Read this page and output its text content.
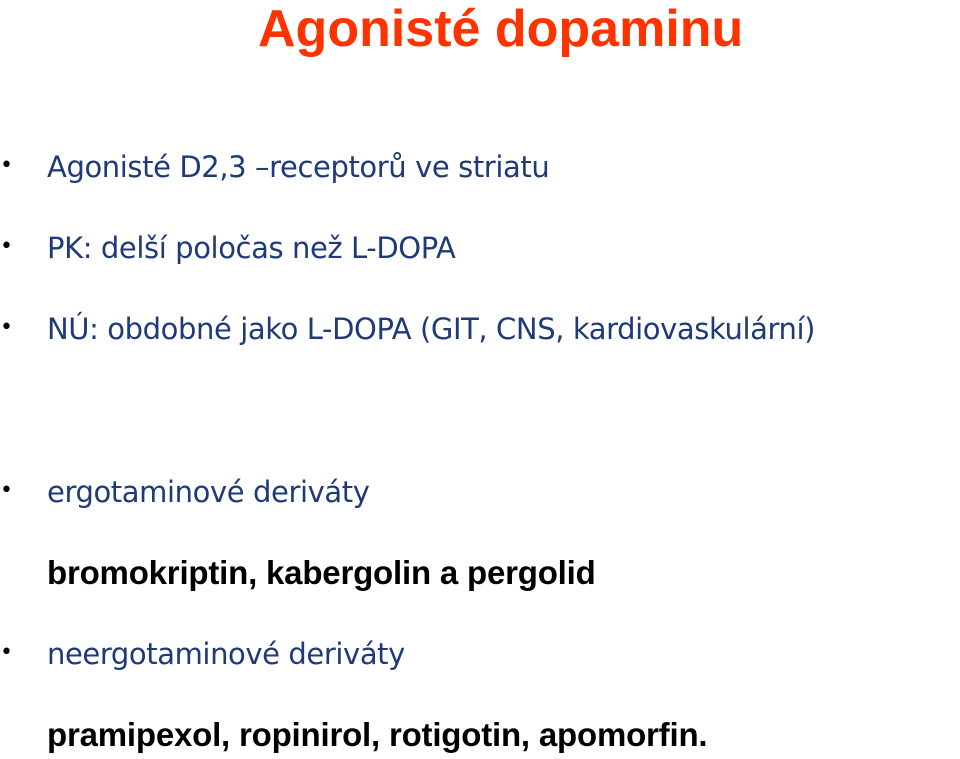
Agonisté dopaminu
• Agonisté D2,3 –receptorů ve striatu
• PK: delší poločas než L-DOPA
• NÚ: obdobné jako L-DOPA (GIT, CNS, kardiovaskulární)
• ergotaminové deriváty
bromokriptin, kabergolin a pergolid
• neergotaminové deriváty
pramipexol, ropinirol, rotigotin, apomorfin.
